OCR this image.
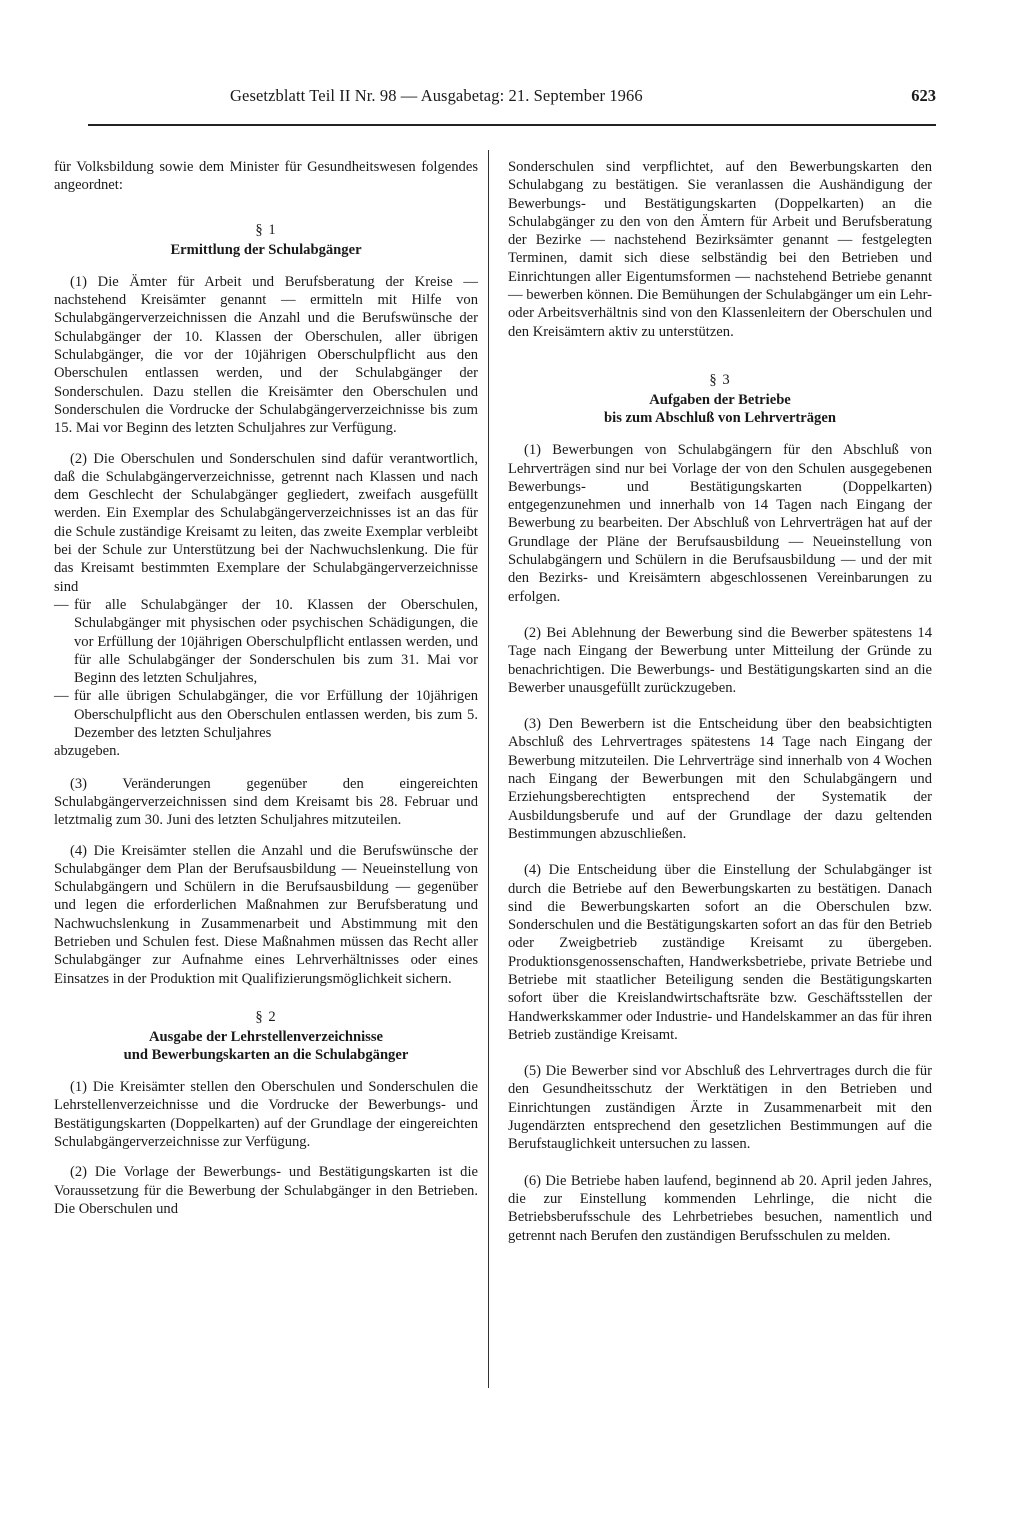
Gesetzblatt Teil II Nr. 98 — Ausgabetag: 21. September 1966	623

für Volksbildung sowie dem Minister für Gesundheitswesen folgendes angeordnet:

§ 1

Ermittlung der Schulabgänger

(1) Die Ämter für Arbeit und Berufsberatung der Kreise — nachstehend Kreisämter genannt — ermitteln mit Hilfe von Schulabgängerverzeichnissen die Anzahl und die Berufswünsche der Schulabgänger der 10. Klassen der Oberschulen, aller übrigen Schulabgänger, die vor der 10jährigen Oberschulpflicht aus den Oberschulen entlassen werden, und der Schulabgänger der Sonderschulen. Dazu stellen die Kreisämter den Oberschulen und Sonderschulen die Vordrucke der Schulabgängerverzeichnisse bis zum 15. Mai vor Beginn des letzten Schuljahres zur Verfügung.

(2) Die Oberschulen und Sonderschulen sind dafür verantwortlich, daß die Schulabgängerverzeichnisse, getrennt nach Klassen und nach dem Geschlecht der Schulabgänger gegliedert, zweifach ausgefüllt werden. Ein Exemplar des Schulabgängerverzeichnisses ist an das für die Schule zuständige Kreisamt zu leiten, das zweite Exemplar verbleibt bei der Schule zur Unterstützung bei der Nachwuchslenkung. Die für das Kreisamt bestimmten Exemplare der Schulabgängerverzeichnisse sind

— für alle Schulabgänger der 10. Klassen der Oberschulen, Schulabgänger mit physischen oder psychischen Schädigungen, die vor Erfüllung der 10jährigen Oberschulpflicht entlassen werden, und für alle Schulabgänger der Sonderschulen bis zum 31. Mai vor Beginn des letzten Schuljahres,
— für alle übrigen Schulabgänger, die vor Erfüllung der 10jährigen Oberschulpflicht aus den Oberschulen entlassen werden, bis zum 5. Dezember des letzten Schuljahres

abzugeben.

(3) Veränderungen gegenüber den eingereichten Schulabgängerverzeichnissen sind dem Kreisamt bis 28. Februar und letztmalig zum 30. Juni des letzten Schuljahres mitzuteilen.

(4) Die Kreisämter stellen die Anzahl und die Berufswünsche der Schulabgänger dem Plan der Berufsausbildung — Neueinstellung von Schulabgängern und Schülern in die Berufsausbildung — gegenüber und legen die erforderlichen Maßnahmen zur Berufsberatung und Nachwuchslenkung in Zusammenarbeit und Abstimmung mit den Betrieben und Schulen fest. Diese Maßnahmen müssen das Recht aller Schulabgänger zur Aufnahme eines Lehrverhältnisses oder eines Einsatzes in der Produktion mit Qualifizierungsmöglichkeit sichern.

§ 2

Ausgabe der Lehrstellenverzeichnisse
und Bewerbungskarten an die Schulabgänger

(1) Die Kreisämter stellen den Oberschulen und Sonderschulen die Lehrstellenverzeichnisse und die Vordrucke der Bewerbungs- und Bestätigungskarten (Doppelkarten) auf der Grundlage der eingereichten Schulabgängerverzeichnisse zur Verfügung.

(2) Die Vorlage der Bewerbungs- und Bestätigungskarten ist die Voraussetzung für die Bewerbung der Schulabgänger in den Betrieben. Die Oberschulen und

Sonderschulen sind verpflichtet, auf den Bewerbungskarten den Schulabgang zu bestätigen. Sie veranlassen die Aushändigung der Bewerbungs- und Bestätigungskarten (Doppelkarten) an die Schulabgänger zu den von den Ämtern für Arbeit und Berufsberatung der Bezirke — nachstehend Bezirksämter genannt — festgelegten Terminen, damit sich diese selbständig bei den Betrieben und Einrichtungen aller Eigentumsformen — nachstehend Betriebe genannt — bewerben können. Die Bemühungen der Schulabgänger um ein Lehr- oder Arbeitsverhältnis sind von den Klassenleitern der Oberschulen und den Kreisämtern aktiv zu unterstützen.

§ 3

Aufgaben der Betriebe
bis zum Abschluß von Lehrverträgen

(1) Bewerbungen von Schulabgängern für den Abschluß von Lehrverträgen sind nur bei Vorlage der von den Schulen ausgegebenen Bewerbungs- und Bestätigungskarten (Doppelkarten) entgegenzunehmen und innerhalb von 14 Tagen nach Eingang der Bewerbung zu bearbeiten. Der Abschluß von Lehrverträgen hat auf der Grundlage der Pläne der Berufsausbildung — Neueinstellung von Schulabgängern und Schülern in die Berufsausbildung — und der mit den Bezirks- und Kreisämtern abgeschlossenen Vereinbarungen zu erfolgen.

(2) Bei Ablehnung der Bewerbung sind die Bewerber spätestens 14 Tage nach Eingang der Bewerbung unter Mitteilung der Gründe zu benachrichtigen. Die Bewerbungs- und Bestätigungskarten sind an die Bewerber unausgefüllt zurückzugeben.

(3) Den Bewerbern ist die Entscheidung über den beabsichtigten Abschluß des Lehrvertrages spätestens 14 Tage nach Eingang der Bewerbung mitzuteilen. Die Lehrverträge sind innerhalb von 4 Wochen nach Eingang der Bewerbungen mit den Schulabgängern und Erziehungsberechtigten entsprechend der Systematik der Ausbildungsberufe und auf der Grundlage der dazu geltenden Bestimmungen abzuschließen.

(4) Die Entscheidung über die Einstellung der Schulabgänger ist durch die Betriebe auf den Bewerbungskarten zu bestätigen. Danach sind die Bewerbungskarten sofort an die Oberschulen bzw. Sonderschulen und die Bestätigungskarten sofort an das für den Betrieb oder Zweigbetrieb zuständige Kreisamt zu übergeben. Produktionsgenossenschaften, Handwerksbetriebe, private Betriebe und Betriebe mit staatlicher Beteiligung senden die Bestätigungskarten sofort über die Kreislandwirtschaftsräte bzw. Geschäftsstellen der Handwerkskammer oder Industrie- und Handelskammer an das für ihren Betrieb zuständige Kreisamt.

(5) Die Bewerber sind vor Abschluß des Lehrvertrages durch die für den Gesundheitsschutz der Werktätigen in den Betrieben und Einrichtungen zuständigen Ärzte in Zusammenarbeit mit den Jugendärzten entsprechend den gesetzlichen Bestimmungen auf die Berufstauglichkeit untersuchen zu lassen.

(6) Die Betriebe haben laufend, beginnend ab 20. April jeden Jahres, die zur Einstellung kommenden Lehrlinge, die nicht die Betriebsberufsschule des Lehrbetriebes besuchen, namentlich und getrennt nach Berufen den zuständigen Berufsschulen zu melden.
